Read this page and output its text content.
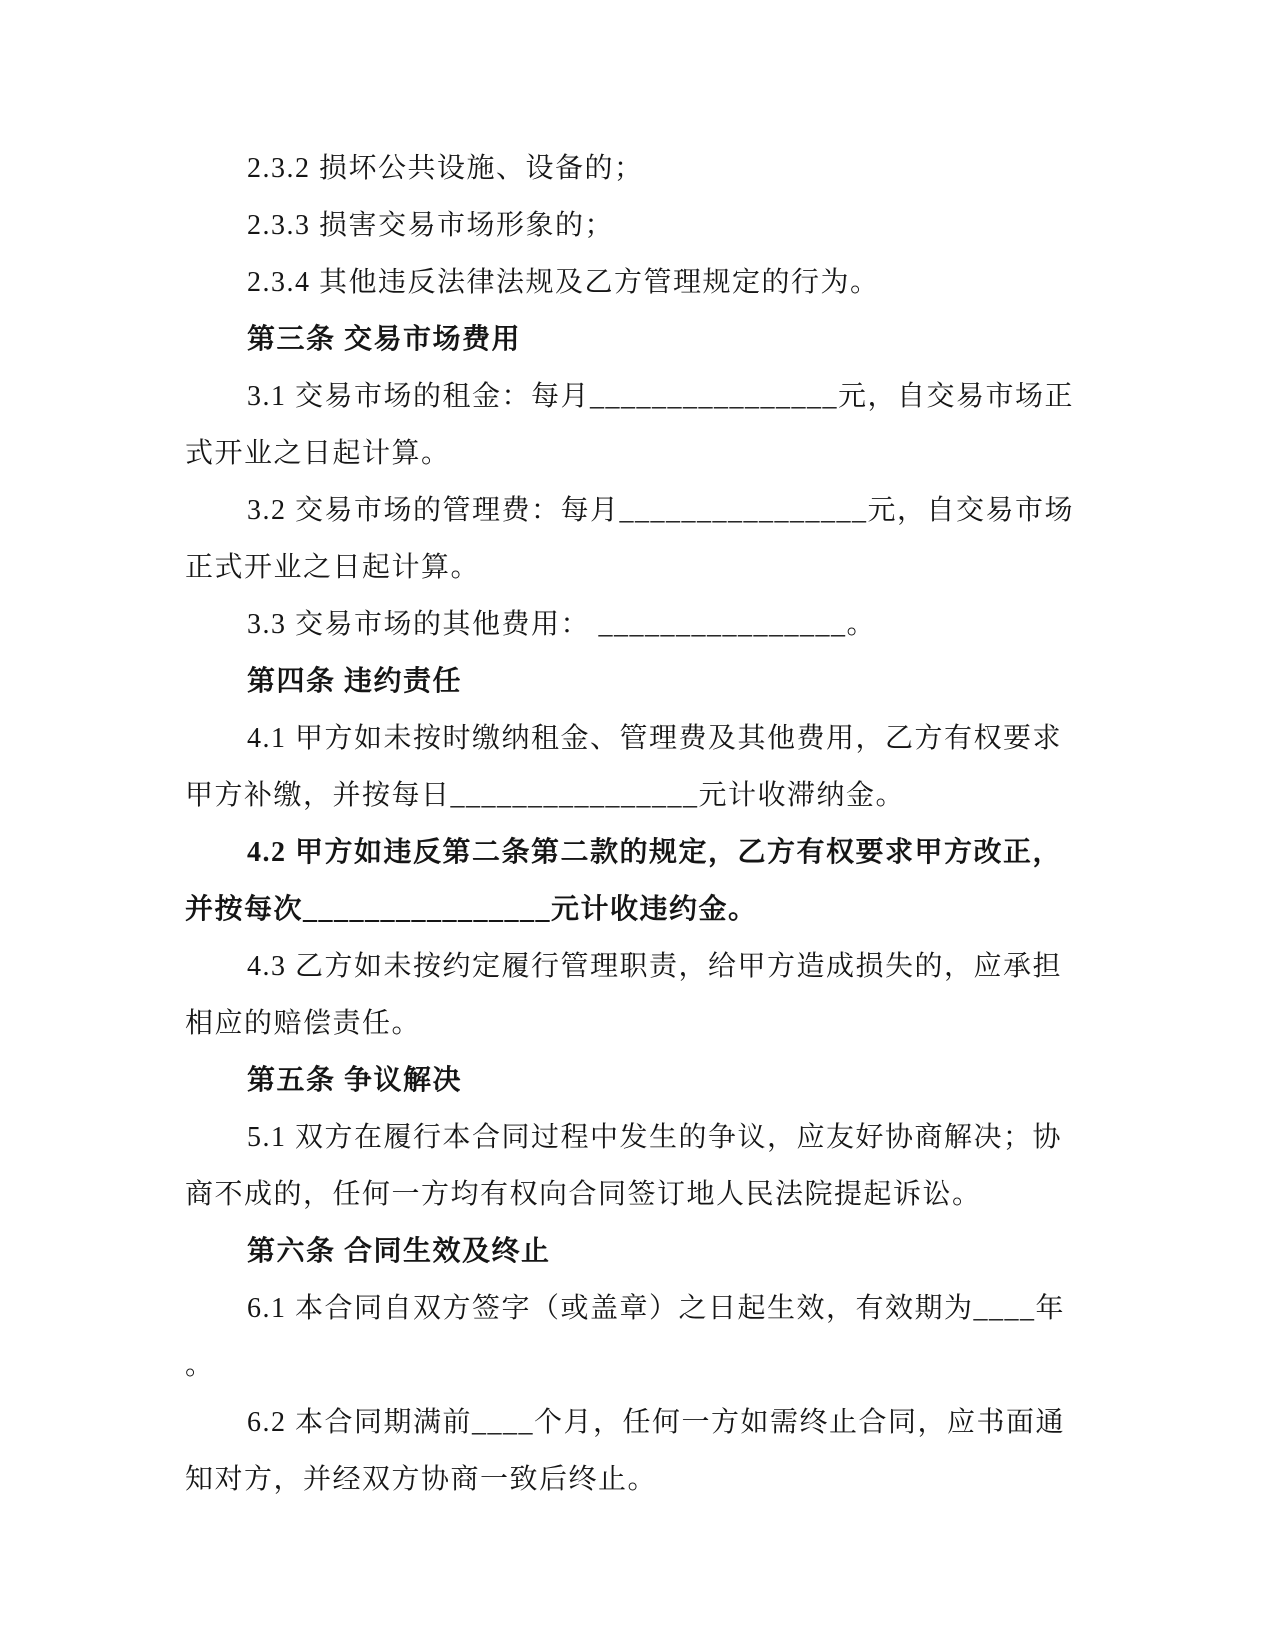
2.3.2 损坏公共设施、设备的；
2.3.3 损害交易市场形象的；
2.3.4 其他违反法律法规及乙方管理规定的行为。
第三条 交易市场费用
3.1 交易市场的租金：每月________________元，自交易市场正
式开业之日起计算。
3.2 交易市场的管理费：每月________________元，自交易市场
正式开业之日起计算。
3.3 交易市场的其他费用： ________________。
第四条 违约责任
4.1 甲方如未按时缴纳租金、管理费及其他费用，乙方有权要求
甲方补缴，并按每日________________元计收滞纳金。
4.2 甲方如违反第二条第二款的规定，乙方有权要求甲方改正，
并按每次________________元计收违约金。
4.3 乙方如未按约定履行管理职责，给甲方造成损失的，应承担
相应的赔偿责任。
第五条 争议解决
5.1 双方在履行本合同过程中发生的争议，应友好协商解决；协
商不成的，任何一方均有权向合同签订地人民法院提起诉讼。
第六条 合同生效及终止
6.1 本合同自双方签字（或盖章）之日起生效，有效期为____年
。
6.2 本合同期满前____个月，任何一方如需终止合同，应书面通
知对方，并经双方协商一致后终止。
